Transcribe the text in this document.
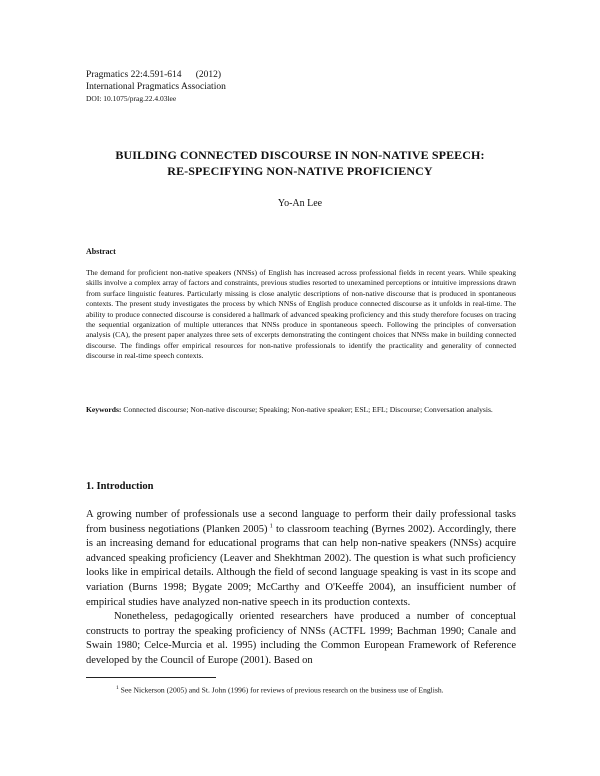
Pragmatics 22:4.591-614 (2012)
International Pragmatics Association
DOI: 10.1075/prag.22.4.03lee
BUILDING CONNECTED DISCOURSE IN NON-NATIVE SPEECH:
RE-SPECIFYING NON-NATIVE PROFICIENCY
Yo-An Lee
Abstract
The demand for proficient non-native speakers (NNSs) of English has increased across professional fields in recent years. While speaking skills involve a complex array of factors and constraints, previous studies resorted to unexamined perceptions or intuitive impressions drawn from surface linguistic features. Particularly missing is close analytic descriptions of non-native discourse that is produced in spontaneous contexts. The present study investigates the process by which NNSs of English produce connected discourse as it unfolds in real-time. The ability to produce connected discourse is considered a hallmark of advanced speaking proficiency and this study therefore focuses on tracing the sequential organization of multiple utterances that NNSs produce in spontaneous speech. Following the principles of conversation analysis (CA), the present paper analyzes three sets of excerpts demonstrating the contingent choices that NNSs make in building connected discourse. The findings offer empirical resources for non-native professionals to identify the practicality and generality of connected discourse in real-time speech contexts.
Keywords: Connected discourse; Non-native discourse; Speaking; Non-native speaker; ESL; EFL; Discourse; Conversation analysis.
1. Introduction

A growing number of professionals use a second language to perform their daily professional tasks from business negotiations (Planken 2005) $^1$ to classroom teaching (Byrnes 2002). Accordingly, there is an increasing demand for educational programs that can help non-native speakers (NNSs) acquire advanced speaking proficiency (Leaver and Shekhtman 2002). The question is what such proficiency looks like in empirical details. Although the field of second language speaking is vast in its scope and variation (Burns 1998; Bygate 2009; McCarthy and O'Keeffe 2004), an insufficient number of empirical studies have analyzed non-native speech in its production contexts.

Nonetheless, pedagogically oriented researchers have produced a number of conceptual constructs to portray the speaking proficiency of NNSs (ACTFL 1999; Bachman 1990; Canale and Swain 1980; Celce-Murcia et al. 1995) including the Common European Framework of Reference developed by the Council of Europe (2001). Based on

$^1$ See Nickerson (2005) and St. John (1996) for reviews of previous research on the business use of English.
